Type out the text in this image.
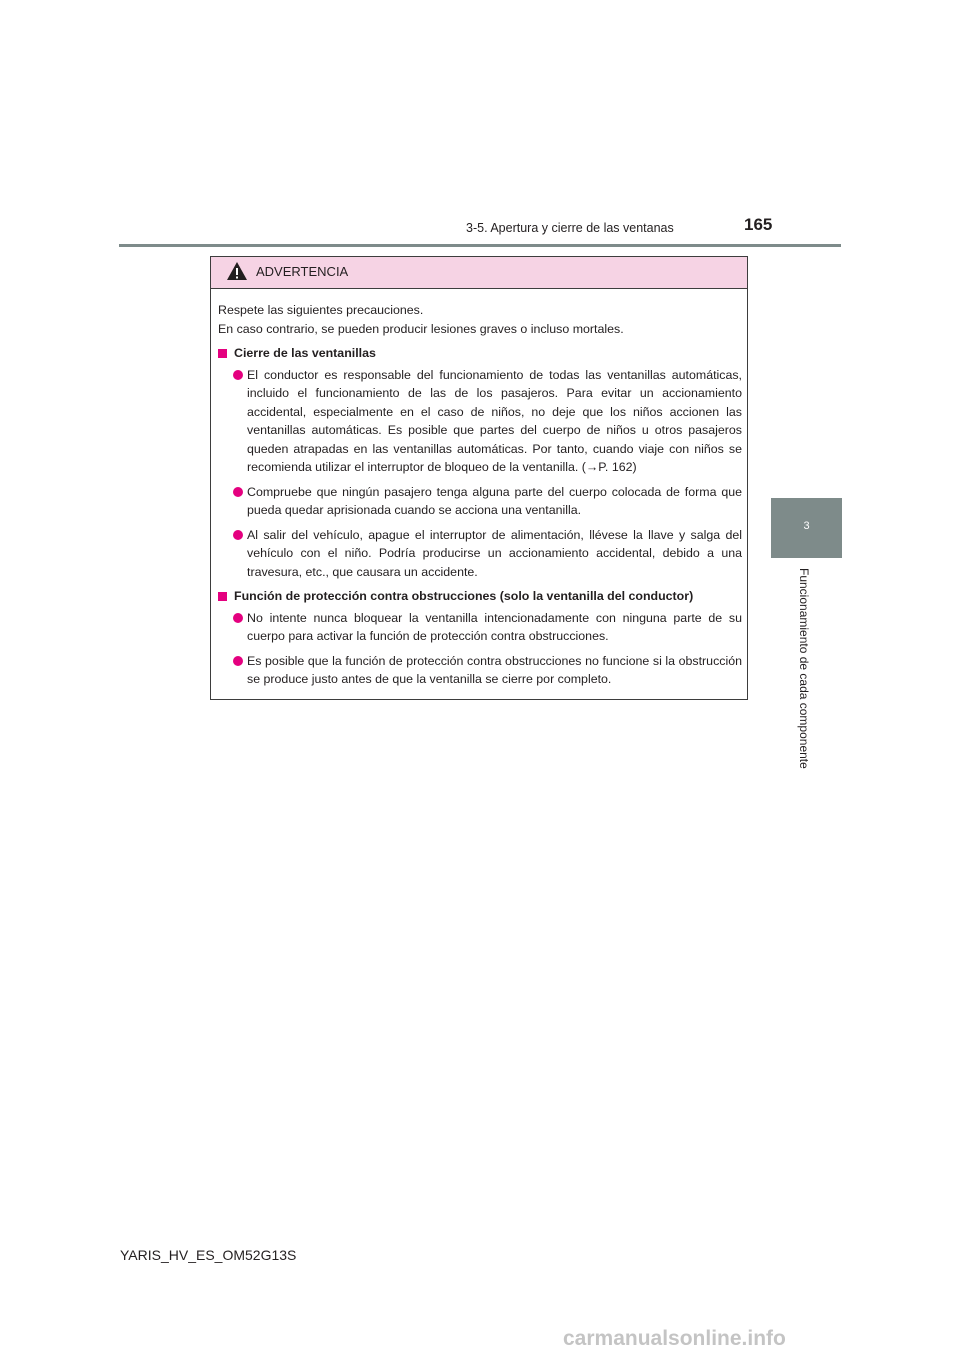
3-5. Apertura y cierre de las ventanas	165
3
Funcionamiento de cada componente
ADVERTENCIA
Respete las siguientes precauciones.
En caso contrario, se pueden producir lesiones graves o incluso mortales.
Cierre de las ventanillas
El conductor es responsable del funcionamiento de todas las ventanillas automáticas, incluido el funcionamiento de las de los pasajeros. Para evitar un accionamiento accidental, especialmente en el caso de niños, no deje que los niños accionen las ventanillas automáticas. Es posible que partes del cuerpo de niños u otros pasajeros queden atrapadas en las ventanillas automáticas. Por tanto, cuando viaje con niños se recomienda utilizar el interruptor de bloqueo de la ventanilla. (→P. 162)
Compruebe que ningún pasajero tenga alguna parte del cuerpo colocada de forma que pueda quedar aprisionada cuando se acciona una ventanilla.
Al salir del vehículo, apague el interruptor de alimentación, llévese la llave y salga del vehículo con el niño. Podría producirse un accionamiento accidental, debido a una travesura, etc., que causara un accidente.
Función de protección contra obstrucciones (solo la ventanilla del conductor)
No intente nunca bloquear la ventanilla intencionadamente con ninguna parte de su cuerpo para activar la función de protección contra obstrucciones.
Es posible que la función de protección contra obstrucciones no funcione si la obstrucción se produce justo antes de que la ventanilla se cierre por completo.
YARIS_HV_ES_OM52G13S
carmanualsonline.info
